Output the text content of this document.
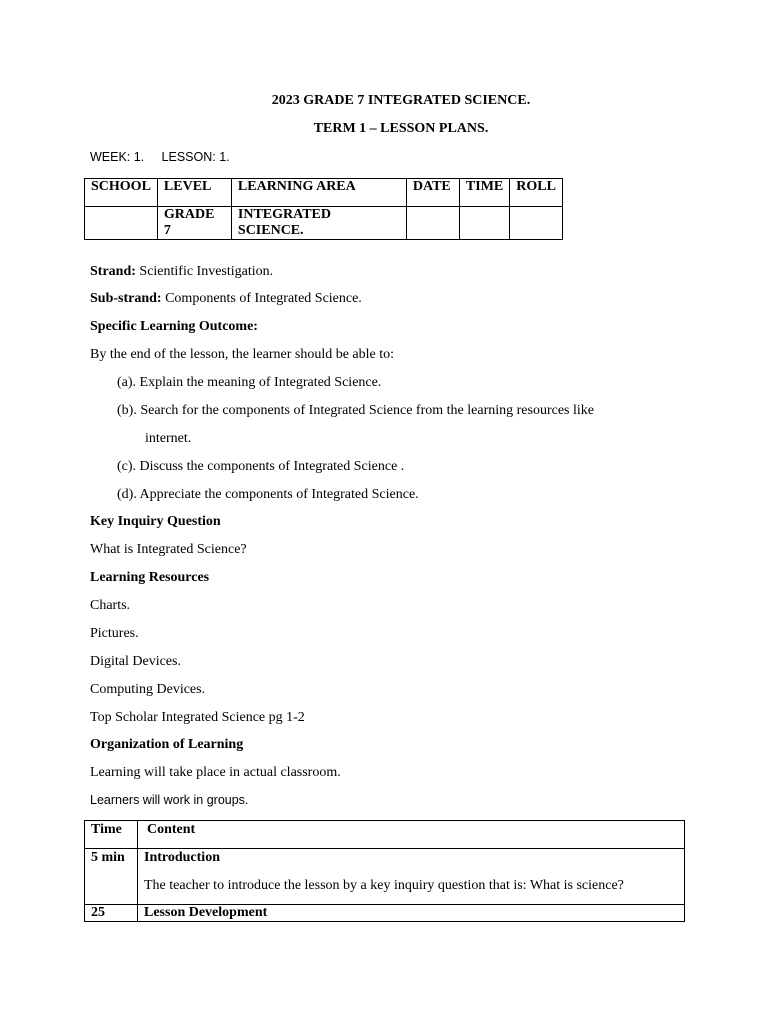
2023 GRADE 7 INTEGRATED SCIENCE.
TERM 1 – LESSON PLANS.
WEEK: 1.     LESSON: 1.
SCHOOL	LEVEL	LEARNING AREA	DATE	TIME	ROLL
	GRADE 7	INTEGRATED SCIENCE.			
Strand: Scientific Investigation.
Sub-strand: Components of Integrated Science.
Specific Learning Outcome:
By the end of the lesson, the learner should be able to:
(a). Explain the meaning of Integrated Science.
(b). Search for the components of Integrated Science from the learning resources like
internet.
(c). Discuss the components of Integrated Science .
(d). Appreciate the components of Integrated Science.
Key Inquiry Question
What is Integrated Science?
Learning Resources
Charts.
Pictures.
Digital Devices.
Computing Devices.
Top Scholar Integrated Science pg 1-2
Organization of Learning
Learning will take place in actual classroom.
Learners will work in groups.
Time	Content
5 min	Introduction
The teacher to introduce the lesson by a key inquiry question that is: What is science?

25	Lesson Development
